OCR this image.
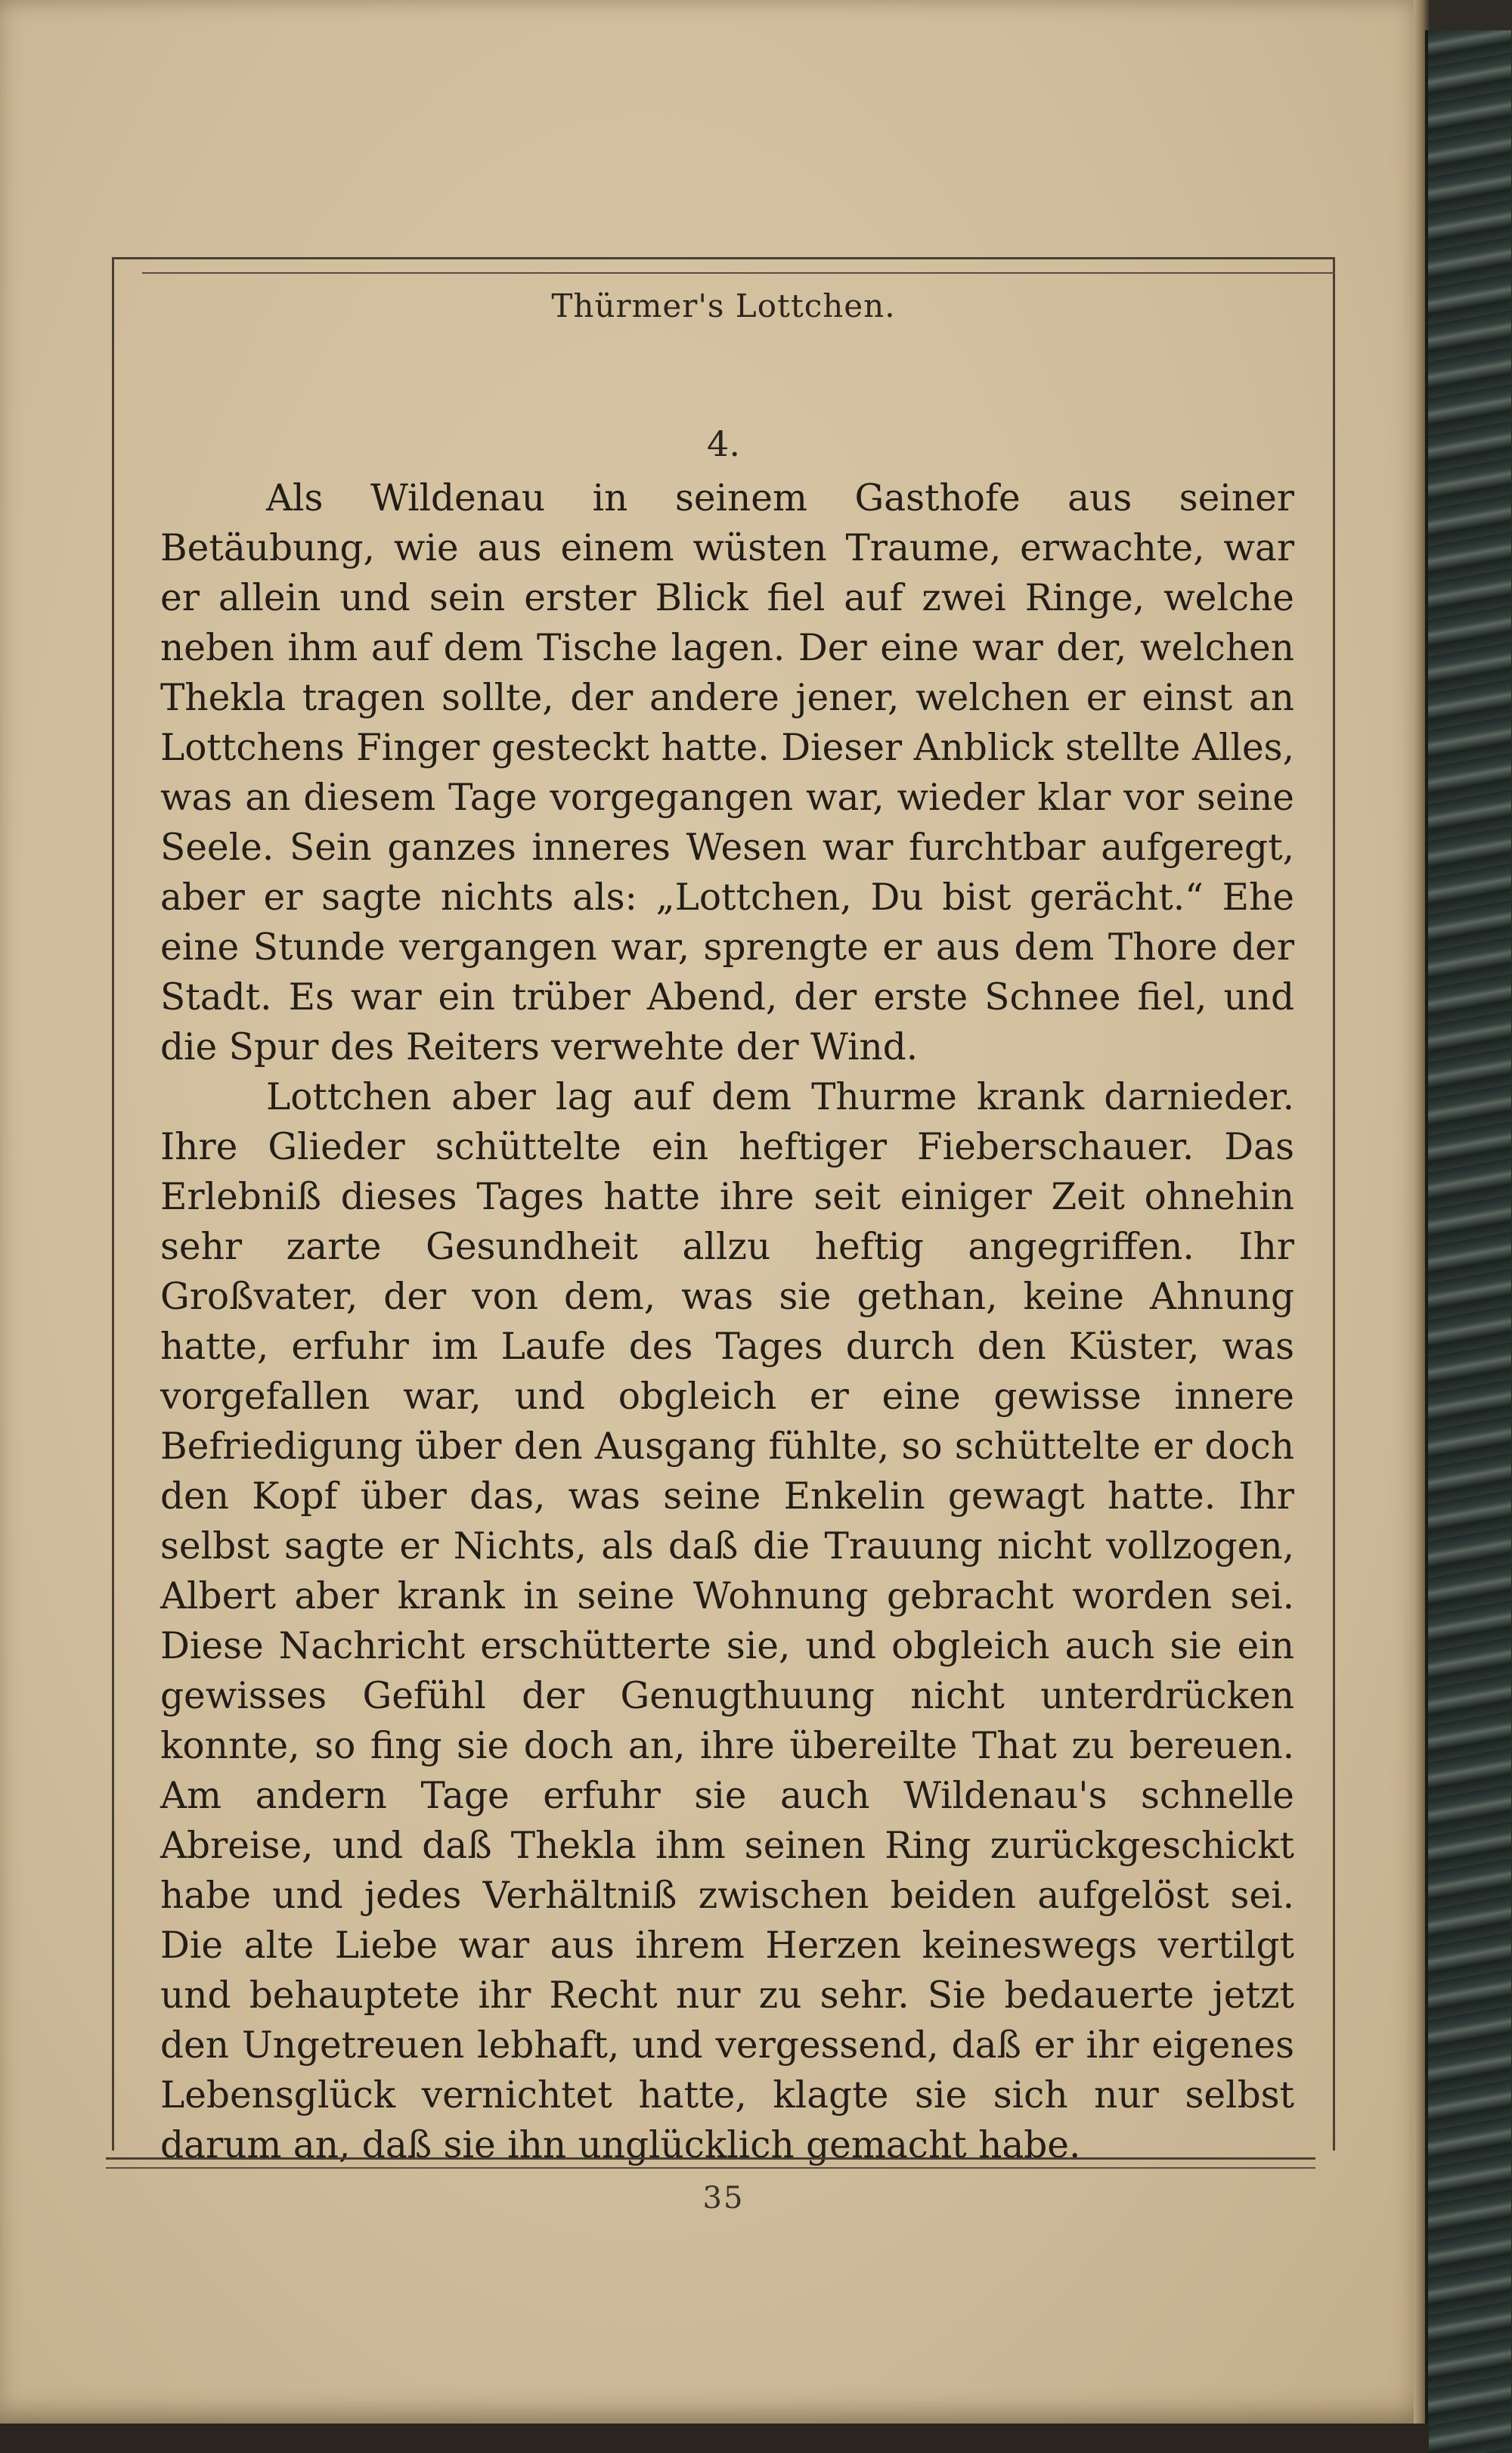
Thürmer's Lottchen.
4.

Als Wildenau in seinem Gasthofe aus seiner Betäubung, wie aus einem wüsten Traume, erwachte, war er allein und sein erster Blick fiel auf zwei Ringe, welche neben ihm auf dem Tische lagen. Der eine war der, welchen Thekla tragen sollte, der andere jener, welchen er einst an Lottchens Finger gesteckt hatte. Dieser Anblick stellte Alles, was an diesem Tage vorgegangen war, wieder klar vor seine Seele. Sein ganzes inneres Wesen war furchtbar aufgeregt, aber er sagte nichts als: „Lottchen, Du bist gerächt.“ Ehe eine Stunde vergangen war, sprengte er aus dem Thore der Stadt. Es war ein trüber Abend, der erste Schnee fiel, und die Spur des Reiters verwehte der Wind.

Lottchen aber lag auf dem Thurme krank darnieder. Ihre Glieder schüttelte ein heftiger Fieberschauer. Das Erlebniß dieses Tages hatte ihre seit einiger Zeit ohnehin sehr zarte Gesundheit allzu heftig angegriffen. Ihr Großvater, der von dem, was sie gethan, keine Ahnung hatte, erfuhr im Laufe des Tages durch den Küster, was vorgefallen war, und obgleich er eine gewisse innere Befriedigung über den Ausgang fühlte, so schüttelte er doch den Kopf über das, was seine Enkelin gewagt hatte. Ihr selbst sagte er Nichts, als daß die Trauung nicht vollzogen, Albert aber krank in seine Wohnung gebracht worden sei. Diese Nachricht erschütterte sie, und obgleich auch sie ein gewisses Gefühl der Genugthuung nicht unterdrücken konnte, so fing sie doch an, ihre übereilte That zu bereuen. Am andern Tage erfuhr sie auch Wildenau's schnelle Abreise, und daß Thekla ihm seinen Ring zurückgeschickt habe und jedes Verhältniß zwischen beiden aufgelöst sei. Die alte Liebe war aus ihrem Herzen keineswegs vertilgt und behauptete ihr Recht nur zu sehr. Sie bedauerte jetzt den Ungetreuen lebhaft, und vergessend, daß er ihr eigenes Lebensglück vernichtet hatte, klagte sie sich nur selbst darum an, daß sie ihn unglücklich gemacht habe.

35
